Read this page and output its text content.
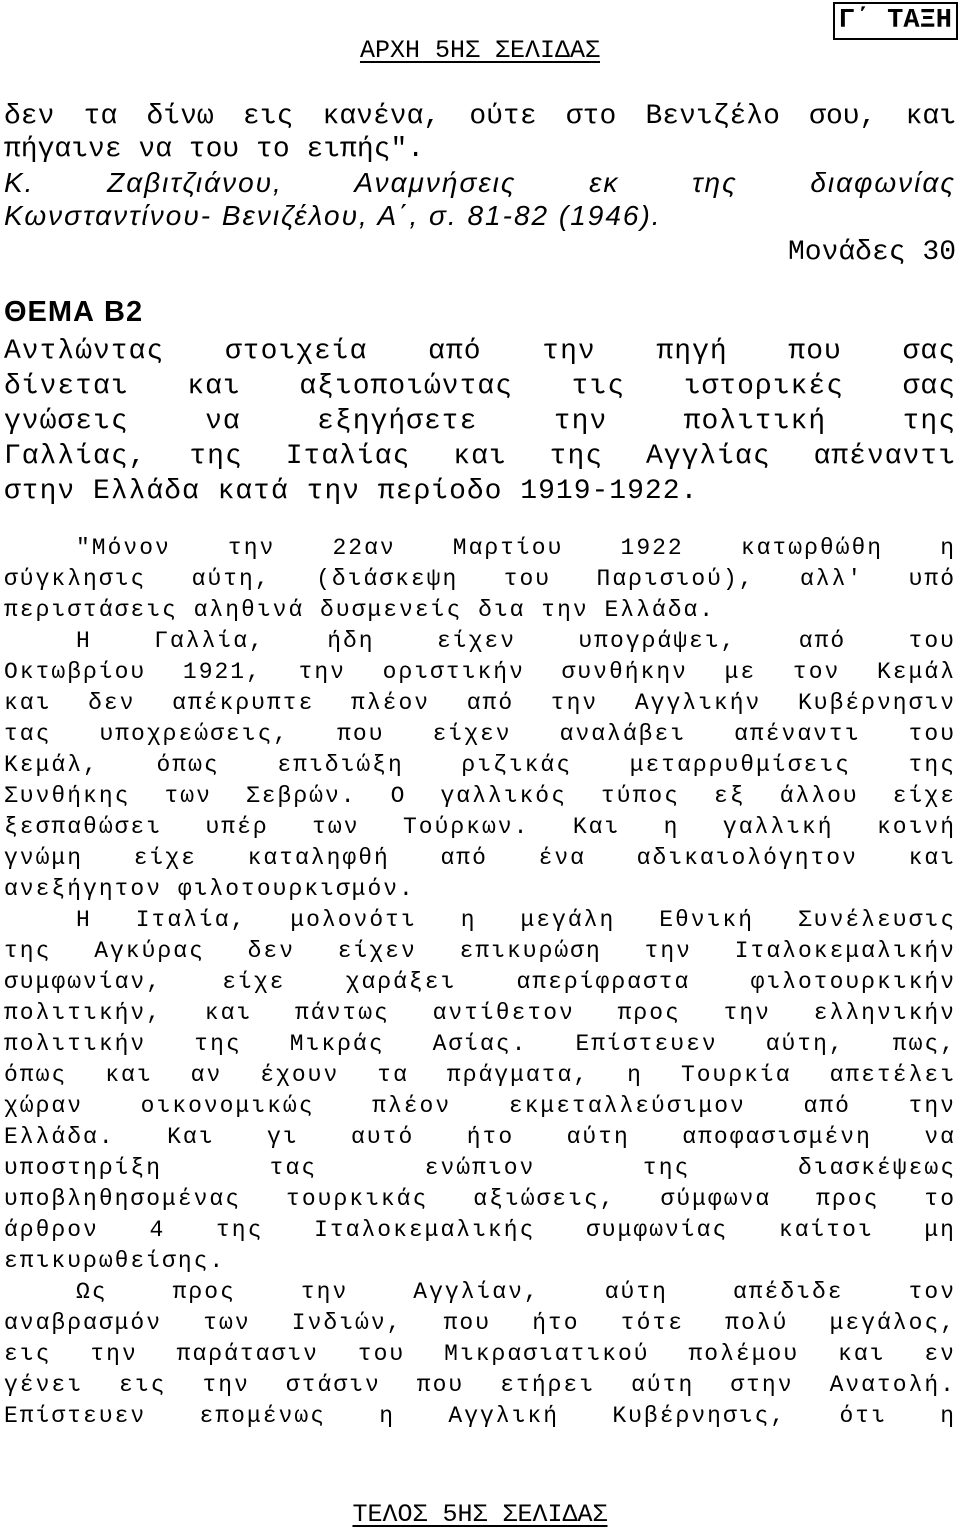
Γ΄ ΤΑΞΗ
ΑΡΧΗ 5ΗΣ ΣΕΛΙΔΑΣ
δεν τα δίνω εις κανένα, ούτε στο Βενιζέλο σου, και
πήγαινε να του το ειπής".
Κ. Ζαβιτζιάνου, Αναμνήσεις εκ της διαφωνίας
Κωνσταντίνου- Βενιζέλου, Α΄, σ. 81-82 (1946).
Μονάδες 30
ΘΕΜΑ Β2
Αντλώντας στοιχεία από την πηγή που σας
δίνεται και αξιοποιώντας τις ιστορικές σας
γνώσεις να εξηγήσετε την πολιτική της
Γαλλίας, της Ιταλίας και της Αγγλίας απέναντι
στην Ελλάδα κατά την περίοδο 1919-1922.
"Μόνον την 22αν Μαρτίου 1922 κατωρθώθη η
σύγκλησις αύτη, (διάσκεψη του Παρισιού), αλλ' υπό
περιστάσεις αληθινά δυσμενείς δια την Ελλάδα.
Η Γαλλία, ήδη είχεν υπογράψει, από του
Οκτωβρίου 1921, την οριστικήν συνθήκην με τον Κεμάλ
και δεν απέκρυπτε πλέον από την Αγγλικήν Κυβέρνησιν
τας υποχρεώσεις, που είχεν αναλάβει απέναντι του
Κεμάλ, όπως επιδιώξη ριζικάς μεταρρυθμίσεις της
Συνθήκης των Σεβρών. Ο γαλλικός τύπος εξ άλλου είχε
ξεσπαθώσει υπέρ των Τούρκων. Και η γαλλική κοινή
γνώμη είχε καταληφθή από ένα αδικαιολόγητον και
ανεξήγητον φιλοτουρκισμόν.
Η Ιταλία, μολονότι η μεγάλη Εθνική Συνέλευσις
της Αγκύρας δεν είχεν επικυρώση την Ιταλοκεμαλικήν
συμφωνίαν, είχε χαράξει απερίφραστα φιλοτουρκικήν
πολιτικήν, και πάντως αντίθετον προς την ελληνικήν
πολιτικήν της Μικράς Ασίας. Επίστευεν αύτη, πως,
όπως και αν έχουν τα πράγματα, η Τουρκία απετέλει
χώραν οικονομικώς πλέον εκμεταλλεύσιμον από την
Ελλάδα. Και γι αυτό ήτο αύτη αποφασισμένη να
υποστηρίξη τας ενώπιον της διασκέψεως
υποβληθησομένας τουρκικάς αξιώσεις, σύμφωνα προς το
άρθρον 4 της Ιταλοκεμαλικής συμφωνίας καίτοι μη
επικυρωθείσης.
Ως προς την Αγγλίαν, αύτη απέδιδε τον
αναβρασμόν των Ινδιών, που ήτο τότε πολύ μεγάλος,
εις την παράτασιν του Μικρασιατικού πολέμου και εν
γένει εις την στάσιν που ετήρει αύτη στην Ανατολή.
Επίστευεν επομένως η Αγγλική Κυβέρνησις, ότι η
ΤΕΛΟΣ 5ΗΣ ΣΕΛΙΔΑΣ
